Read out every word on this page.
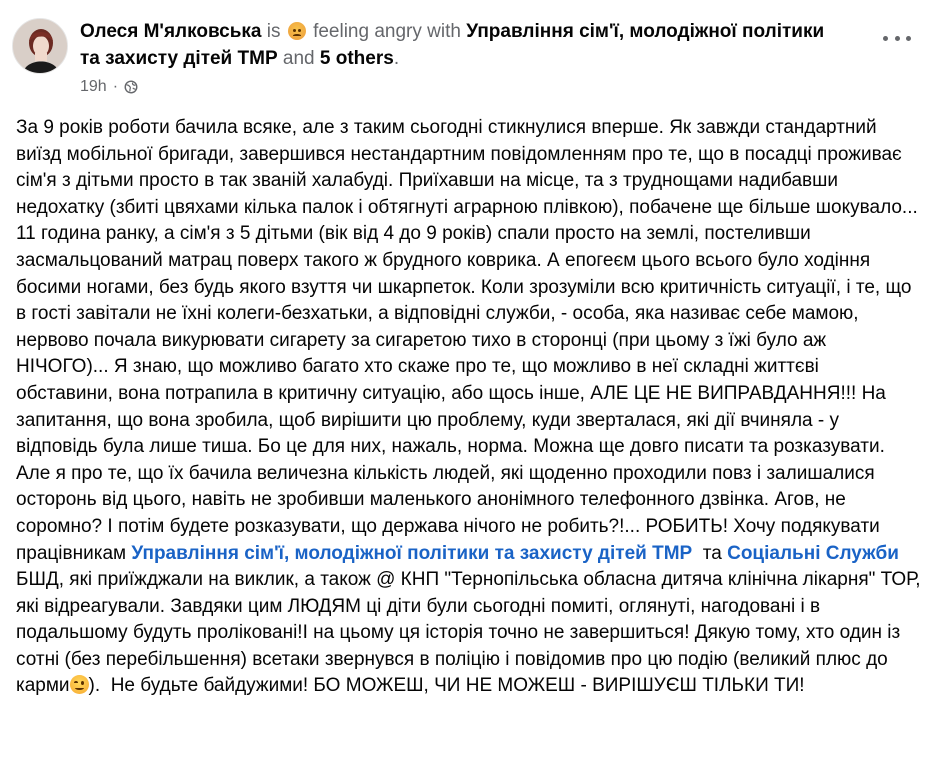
Олеся М'ялковська is feeling angry with Управління сім'ї, молодіжної політики та захисту дітей ТМР and 5 others.
19h ·

За 9 років роботи бачила всяке, але з таким сьогодні стикнулися вперше. Як завжди стандартний виїзд мобільної бригади, завершився нестандартним повідомленням про те, що в посадці проживає сім'я з дітьми просто в так званій халабуді. Приїхавши на місце, та з труднощами надибавши недохатку (збиті цвяхами кілька палок і обтягнуті аграрною плівкою), побачене ще більше шокувало... 11 година ранку, а сім'я з 5 дітьми (вік від 4 до 9 років) спали просто на землі, постеливши засмальцований матрац поверх такого ж брудного коврика. А епогеєм цього всього було ходіння босими ногами, без будь якого взуття чи шкарпеток. Коли зрозуміли всю критичність ситуації, і те, що в гості завітали не їхні колеги-безхатьки, а відповідні служби, - особа, яка називає себе мамою, нервово почала викурювати сигарету за сигаретою тихо в сторонці (при цьому з їжі було аж НІЧОГО)... Я знаю, що можливо багато хто скаже про те, що можливо в неї складні життєві обставини, вона потрапила в критичну ситуацію, або щось інше, АЛЕ ЦЕ НЕ ВИПРАВДАННЯ!!! На запитання, що вона зробила, щоб вирішити цю проблему, куди зверталася, які дії вчиняла - у відповідь була лише тиша. Бо це для них, нажаль, норма. Можна ще довго писати та розказувати. Але я про те, що їх бачила величезна кількість людей, які щоденно проходили повз і залишалися осторонь від цього, навіть не зробивши маленького анонімного телефонного дзвінка. Агов, не соромно? І потім будете розказувати, що держава нічого не робить?!... РОБИТЬ! Хочу подякувати працівникам Управління сім'ї, молодіжної політики та захисту дітей ТМР  та Соціальні Служби  БШД, які приїжджали на виклик, а також @ КНП "Тернопільська обласна дитяча клінічна лікарня" ТОР, які відреагували. Завдяки цим ЛЮДЯМ ці діти були сьогодні помиті, оглянуті, нагодовані і в подальшому будуть проліковані!І на цьому ця історія точно не завершиться! Дякую тому, хто один із сотні (без перебільшення) всетаки звернувся в поліцію і повідомив про цю подію (великий плюс до карми ).  Не будьте байдужими! БО МОЖЕШ, ЧИ НЕ МОЖЕШ - ВИРІШУЄШ ТІЛЬКИ ТИ!
